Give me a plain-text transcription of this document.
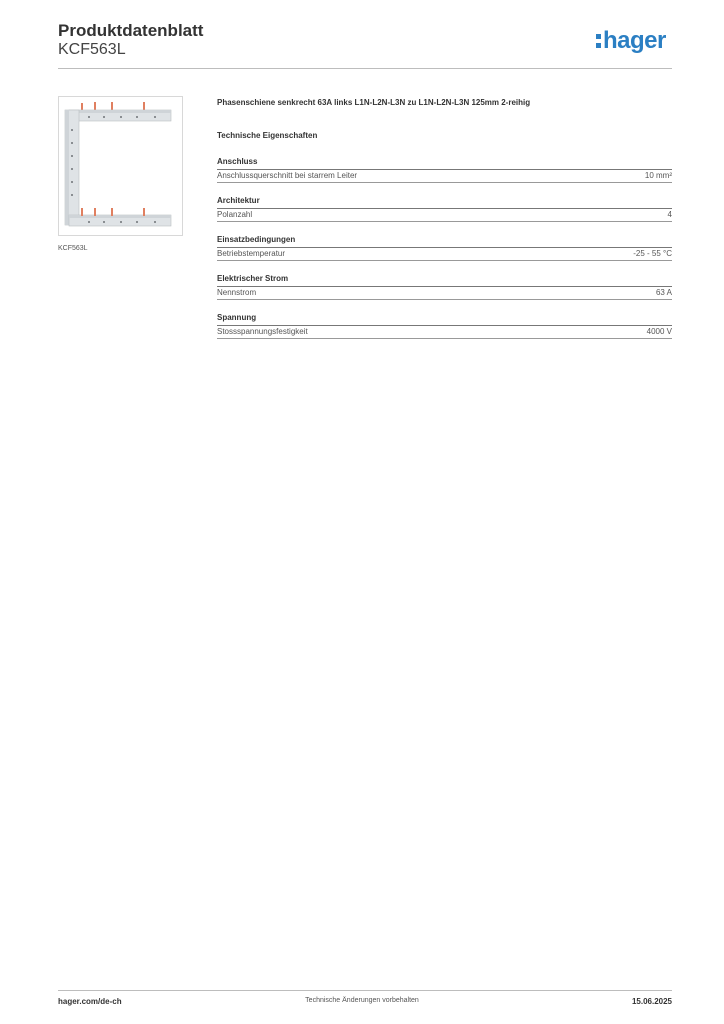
Produktdatenblatt
KCF563L	hager
KCF563L
Phasenschiene senkrecht 63A links L1N-L2N-L3N zu L1N-L2N-L3N 125mm 2-reihig
Technische Eigenschaften
Anschluss
Anschlussquerschnitt bei starrem Leiter	10 mm²
Architektur
Polanzahl	4
Einsatzbedingungen
Betriebstemperatur	-25 - 55 °C
Elektrischer Strom
Nennstrom	63 A
Spannung
Stossspannungsfestigkeit	4000 V
hager.com/de-ch	Technische Änderungen vorbehalten	15.06.2025
